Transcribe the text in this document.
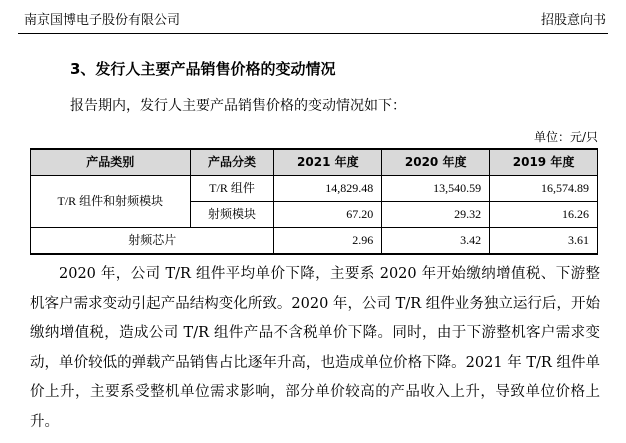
南京国博电子股份有限公司	招股意向书
3、发行人主要产品销售价格的变动情况
报告期内，发行人主要产品销售价格的变动情况如下：
单位：元/只
产品类别	产品分类	2021 年度	2020 年度	2019 年度
T/R 组件和射频模块	T/R 组件	14,829.48	13,540.59	16,574.89
	射频模块	67.20	29.32	16.26
射频芯片		2.96	3.42	3.61

2020 年，公司 T/R 组件平均单价下降，主要系 2020 年开始缴纳增值税、下游整机客户需求变动引起产品结构变化所致。2020 年，公司 T/R 组件业务独立运行后，开始缴纳增值税，造成公司 T/R 组件产品不含税单价下降。同时，由于下游整机客户需求变动，单价较低的弹载产品销售占比逐年升高，也造成单位价格下降。2021 年 T/R 组件单价上升，主要系受整机单位需求影响，部分单价较高的产品收入上升，导致单位价格上升。
